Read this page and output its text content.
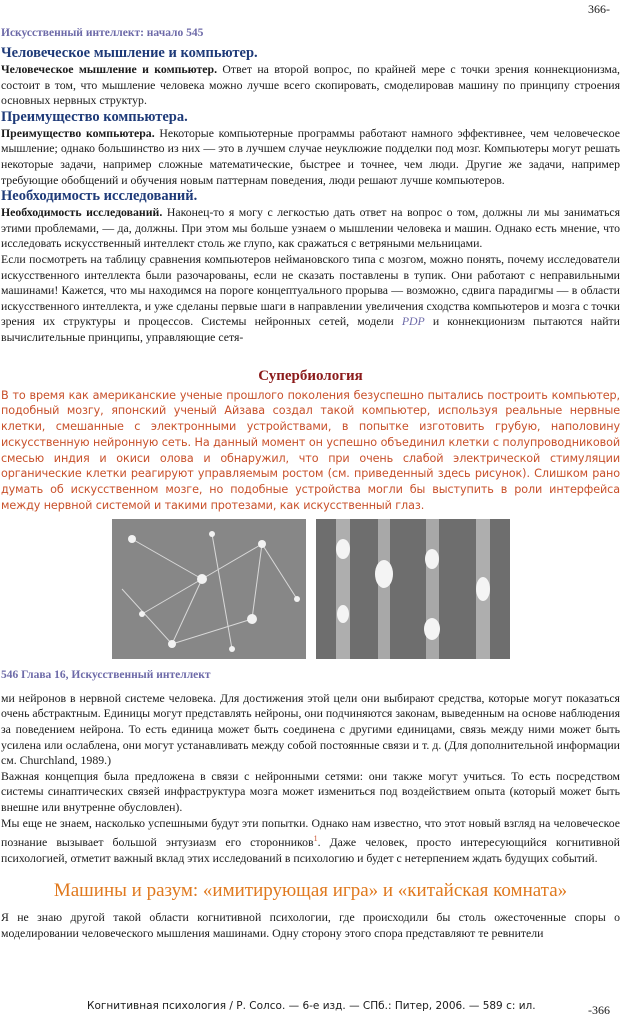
366-
Искусственный интеллект: начало 545
Человеческое мышление и компьютер.

Человеческое мышление и компьютер. Ответ на второй вопрос, по крайней мере с точки зрения коннекционизма, состоит в том, что мышление человека можно лучше всего скопировать, смоделировав машину по принципу строения основных нервных структур.

Преимущество компьютера.

Преимущество компьютера. Некоторые компьютерные программы работают намного эффективнее, чем человеческое мышление; однако большинство из них — это в лучшем случае неуклюжие подделки под мозг. Компьютеры могут решать некоторые задачи, например сложные математические, быстрее и точнее, чем люди. Другие же задачи, например требующие обобщений и обучения новым паттернам поведения, люди решают лучше компьютеров.

Необходимость исследований.

Необходимость исследований. Наконец-то я могу с легкостью дать ответ на вопрос о том, должны ли мы заниматься этими проблемами, — да, должны. При этом мы больше узнаем о мышлении человека и машин. Однако есть мнение, что исследовать искусственный интеллект столь же глупо, как сражаться с ветряными мельницами.

Если посмотреть на таблицу сравнения компьютеров неймановского типа с мозгом, можно понять, почему исследователи искусственного интеллекта были разочарованы, если не сказать поставлены в тупик. Они работают с неправильными машинами! Кажется, что мы находимся на пороге концептуального прорыва — возможно, сдвига парадигмы — в области искусственного интеллекта, и уже сделаны первые шаги в направлении увеличения сходства компьютеров и мозга с точки зрения их структуры и процессов. Системы нейронных сетей, модели PDP и коннекционизм пытаются найти вычислительные принципы, управляющие сетя-

Супербиология
В то время как американские ученые прошлого поколения безуспешно пытались построить компьютер, подобный мозгу, японский ученый Айзава создал такой компьютер, используя реальные нервные клетки, смешанные с электронными устройствами, в попытке изготовить грубую, наполовину искусственную нейронную сеть. На данный момент он успешно объединил клетки с полупроводниковой смесью индия и окиси олова и обнаружил, что при очень слабой электрической стимуляции органические клетки реагируют управляемым ростом (см. приведенный здесь рисунок). Слишком рано думать об искусственном мозге, но подобные устройства могли бы выступить в роли интерфейса между нервной системой и такими протезами, как искусственный глаз.
546 Глава 16, Искусственный интеллект

ми нейронов в нервной системе человека. Для достижения этой цели они выбирают средства, которые могут показаться очень абстрактным. Единицы могут представлять нейроны, они подчиняются законам, выведенным на основе наблюдения за поведением нейрона. То есть единица может быть соединена с другими единицами, связь между ними может быть усилена или ослаблена, они могут устанавливать между собой постоянные связи и т. д. (Для дополнительной информации см. Churchland, 1989.)

Важная концепция была предложена в связи с нейронными сетями: они также могут учиться. То есть посредством системы синаптических связей инфраструктура мозга может измениться под воздействием опыта (который может быть внешне или внутренне обусловлен).

Мы еще не знаем, насколько успешными будут эти попытки. Однако нам известно, что этот новый взгляд на человеческое познание вызывает большой энтузиазм его сторонников$^1$. Даже человек, просто интересующийся когнитивной психологией, отметит важный вклад этих исследований в психологию и будет с нетерпением ждать будущих событий.

Машины и разум: «имитирующая игра» и «китайская комната»

Я не знаю другой такой области когнитивной психологии, где происходили бы столь ожесточенные споры о моделировании человеческого мышления машинами. Одну сторону этого спора представляют те ревнители

Когнитивная психология / Р. Солсо. — 6-е изд. — СПб.: Питер, 2006. — 589 с: ил.	-366
